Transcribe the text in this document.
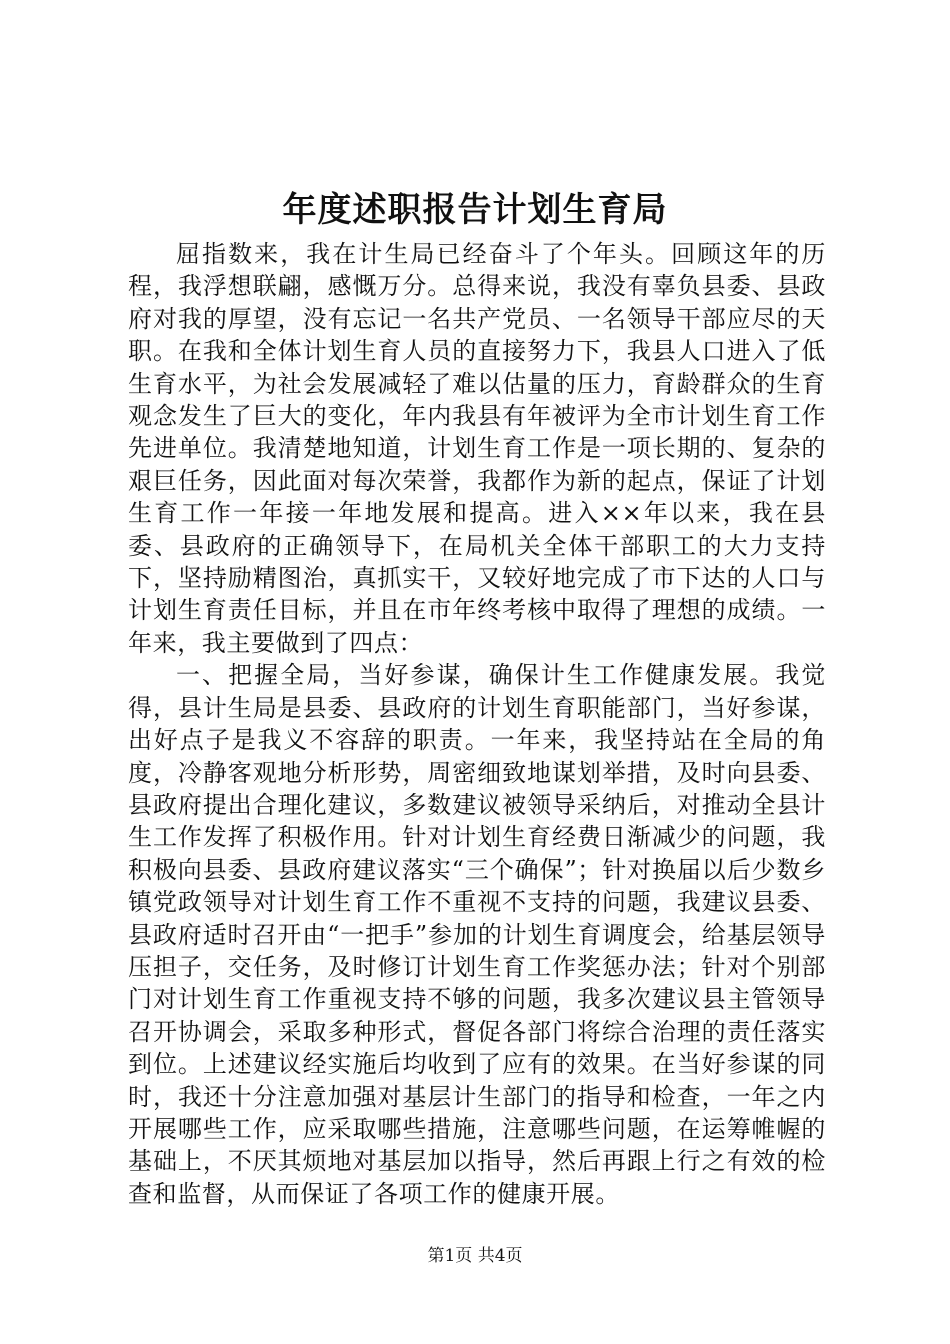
年度述职报告计划生育局

屈指数来，我在计生局已经奋斗了个年头。回顾这年的历程，我浮想联翩，感慨万分。总得来说，我没有辜负县委、县政府对我的厚望，没有忘记一名共产党员、一名领导干部应尽的天职。在我和全体计划生育人员的直接努力下，我县人口进入了低生育水平，为社会发展减轻了难以估量的压力，育龄群众的生育观念发生了巨大的变化，年内我县有年被评为全市计划生育工作先进单位。我清楚地知道，计划生育工作是一项长期的、复杂的艰巨任务，因此面对每次荣誉，我都作为新的起点，保证了计划生育工作一年接一年地发展和提高。进入××年以来，我在县委、县政府的正确领导下，在局机关全体干部职工的大力支持下，坚持励精图治，真抓实干，又较好地完成了市下达的人口与计划生育责任目标，并且在市年终考核中取得了理想的成绩。一年来，我主要做到了四点：

一、把握全局，当好参谋，确保计生工作健康发展。我觉得，县计生局是县委、县政府的计划生育职能部门，当好参谋，出好点子是我义不容辞的职责。一年来，我坚持站在全局的角度，冷静客观地分析形势，周密细致地谋划举措，及时向县委、县政府提出合理化建议，多数建议被领导采纳后，对推动全县计生工作发挥了积极作用。针对计划生育经费日渐减少的问题，我积极向县委、县政府建议落实“三个确保”；针对换届以后少数乡镇党政领导对计划生育工作不重视不支持的问题，我建议县委、县政府适时召开由“一把手”参加的计划生育调度会，给基层领导压担子，交任务，及时修订计划生育工作奖惩办法；针对个别部门对计划生育工作重视支持不够的问题，我多次建议县主管领导召开协调会，采取多种形式，督促各部门将综合治理的责任落实到位。上述建议经实施后均收到了应有的效果。在当好参谋的同时，我还十分注意加强对基层计生部门的指导和检查，一年之内开展哪些工作，应采取哪些措施，注意哪些问题，在运筹帷幄的基础上，不厌其烦地对基层加以指导，然后再跟上行之有效的检查和监督，从而保证了各项工作的健康开展。

第1页 共4页
